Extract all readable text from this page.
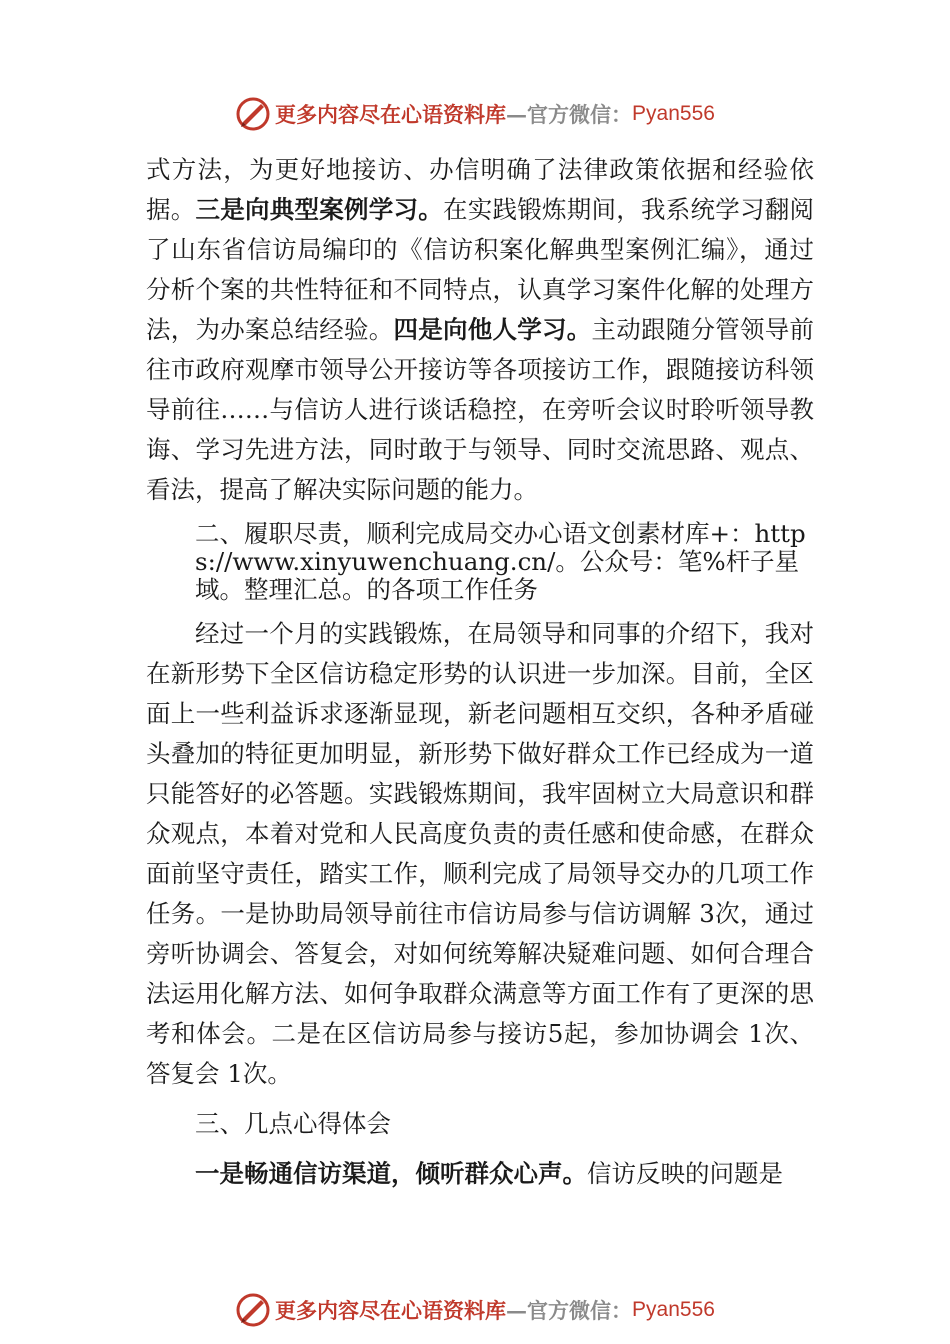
更多内容尽在心语资料库 — 官方微信： Pyan556

式方法，为更好地接访、办信明确了法律政策依据和经验依据。三是向典型案例学习。在实践锻炼期间，我系统学习翻阅了山东省信访局编印的《信访积案化解典型案例汇编》，通过分析个案的共性特征和不同特点，认真学习案件化解的处理方法，为办案总结经验。四是向他人学习。主动跟随分管领导前往市政府观摩市领导公开接访等各项接访工作，跟随接访科领导前往……与信访人进行谈话稳控，在旁听会议时聆听领导教诲、学习先进方法，同时敢于与领导、同时交流思路、观点、看法，提高了解决实际问题的能力。

二、履职尽责，顺利完成局交办心语文创素材库+：https://www.xinyuwenchuang.cn/。公众号：笔%杆子星域。整理汇总。的各项工作任务

经过一个月的实践锻炼，在局领导和同事的介绍下，我对在新形势下全区信访稳定形势的认识进一步加深。目前，全区面上一些利益诉求逐渐显现，新老问题相互交织，各种矛盾碰头叠加的特征更加明显，新形势下做好群众工作已经成为一道只能答好的必答题。实践锻炼期间，我牢固树立大局意识和群众观点，本着对党和人民高度负责的责任感和使命感，在群众面前坚守责任，踏实工作，顺利完成了局领导交办的几项工作任务。一是协助局领导前往市信访局参与信访调解 3次，通过旁听协调会、答复会，对如何统筹解决疑难问题、如何合理合法运用化解方法、如何争取群众满意等方面工作有了更深的思考和体会。二是在区信访局参与接访5起，参加协调会 1次、答复会 1次。

三、几点心得体会

一是畅通信访渠道，倾听群众心声。信访反映的问题是

更多内容尽在心语资料库 — 官方微信： Pyan556
